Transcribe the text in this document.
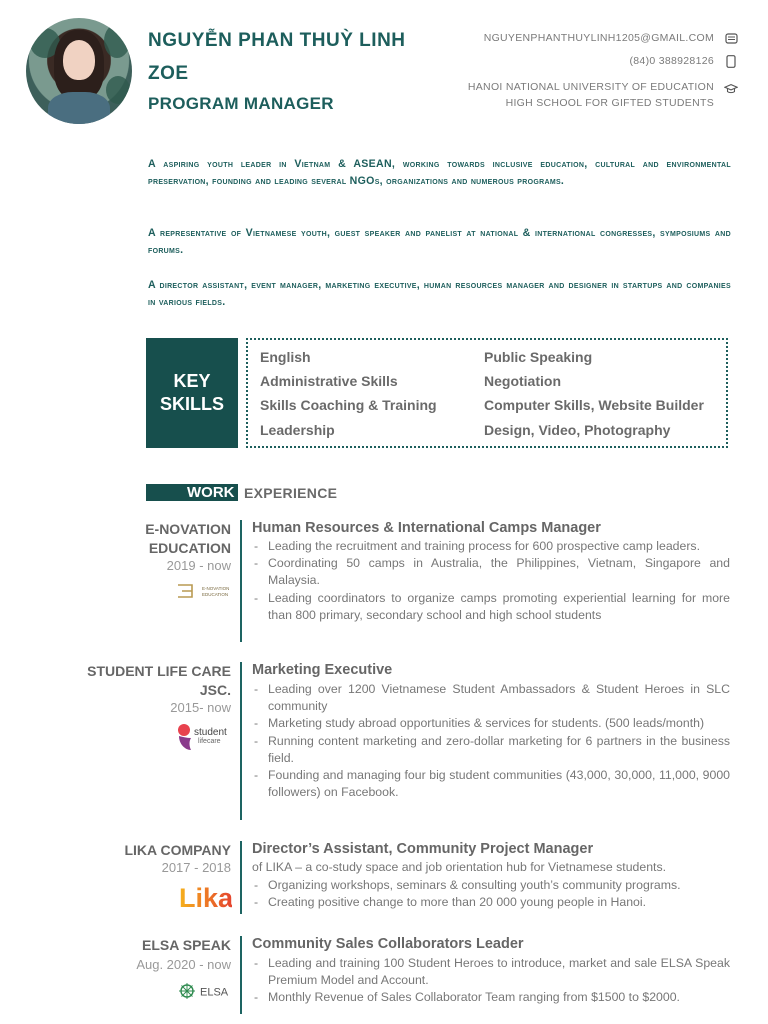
NGUYỄN PHAN THUỲ LINH
ZOE
PROGRAM MANAGER
NGUYENPHANTHUYLINH1205@GMAIL.COM
(84)0 388928126
HANOI NATIONAL UNIVERSITY OF EDUCATION
HIGH SCHOOL FOR GIFTED STUDENTS
A aspiring youth leader in Vietnam & ASEAN, working towards inclusive education, cultural and environmental preservation, founding and leading several NGOs, organizations and numerous programs.
A representative of Vietnamese youth, guest speaker and panelist at national & international congresses, symposiums and forums.
A director assistant, event manager, marketing executive, human resources manager and designer in startups and companies in various fields.
KEY
SKILLS
English
Administrative Skills
Skills Coaching & Training
Leadership
Public Speaking
Negotiation
Computer Skills, Website Builder
Design, Video, Photography
WORK EXPERIENCE
E-NOVATION
EDUCATION
2019 - now
E-NOVATION
EDUCATION
Human Resources & International Camps Manager
- Leading the recruitment and training process for 600 prospective camp leaders.
- Coordinating 50 camps in Australia, the Philippines, Vietnam, Singapore and Malaysia.
- Leading coordinators to organize camps promoting experiential learning for more than 800 primary, secondary school and high school students
STUDENT LIFE CARE
JSC.
2015- now
student
lifecare
Marketing Executive
- Leading over 1200 Vietnamese Student Ambassadors & Student Heroes in SLC community
- Marketing study abroad opportunities & services for students. (500 leads/month)
- Running content marketing and zero-dollar marketing for 6 partners in the business field.
- Founding and managing four big student communities (43,000, 30,000, 11,000, 9000 followers) on Facebook.
LIKA COMPANY
2017 - 2018
Lika
Director’s Assistant, Community Project Manager
of LIKA – a co-study space and job orientation hub for Vietnamese students.
- Organizing workshops, seminars & consulting youth’s community programs.
- Creating positive change to more than 20 000 young people in Hanoi.
ELSA SPEAK
Aug. 2020 - now
ELSA
Community Sales Collaborators Leader
- Leading and training 100 Student Heroes to introduce, market and sale ELSA Speak Premium Model and Account.
- Monthly Revenue of Sales Collaborator Team ranging from $1500 to $2000.
